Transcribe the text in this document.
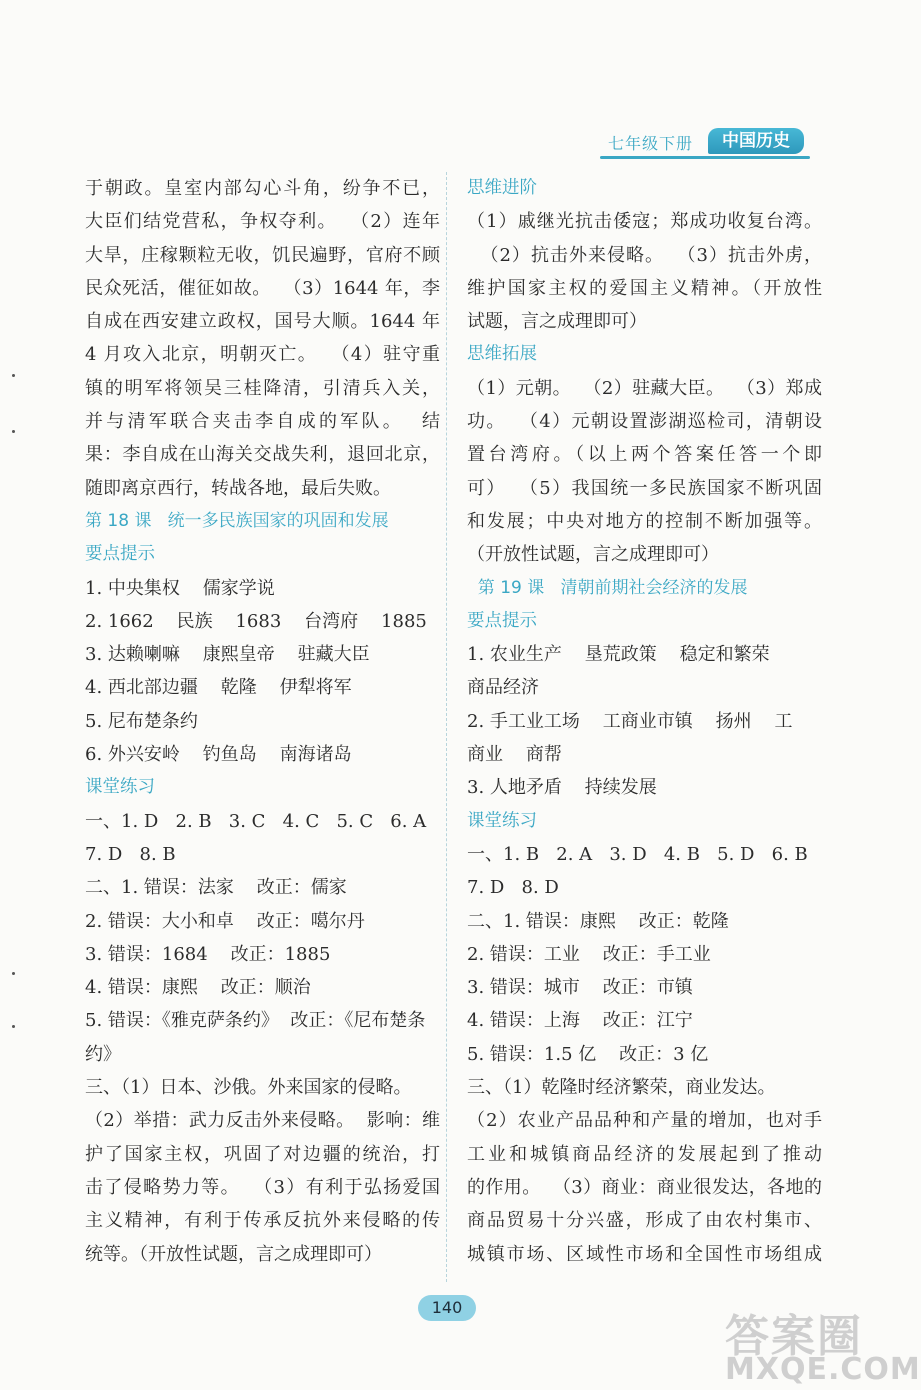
七年级下册	中国历史
于朝政。皇室内部勾心斗角，纷争不已，
大臣们结党营私，争权夺利。  （2）连年
大旱，庄稼颗粒无收，饥民遍野，官府不顾
民众死活，催征如故。  （3）1644 年，李
自成在西安建立政权，国号大顺。1644 年
4 月攻入北京，明朝灭亡。  （4）驻守重
镇的明军将领吴三桂降清，引清兵入关，
并与清军联合夹击李自成的军队。  结
果：李自成在山海关交战失利，退回北京，
随即离京西行，转战各地，最后失败。
第 18 课   统一多民族国家的巩固和发展
要点提示
1. 中央集权    儒家学说
2. 1662    民族    1683    台湾府    1885
3. 达赖喇嘛    康熙皇帝    驻藏大臣
4. 西北部边疆    乾隆    伊犁将军
5. 尼布楚条约
6. 外兴安岭    钓鱼岛    南海诸岛
课堂练习
一、1. D   2. B   3. C   4. C   5. C   6. A
7. D   8. B
二、1. 错误：法家    改正：儒家
2. 错误：大小和卓    改正：噶尔丹
3. 错误：1684    改正：1885
4. 错误：康熙    改正：顺治
5. 错误：《雅克萨条约》  改正：《尼布楚条
约》
三、（1）日本、沙俄。外来国家的侵略。
（2）举措：武力反击外来侵略。  影响：维
护了国家主权，巩固了对边疆的统治，打
击了侵略势力等。  （3）有利于弘扬爱国
主义精神，有利于传承反抗外来侵略的传
统等。（开放性试题，言之成理即可）
思维进阶
（1）戚继光抗击倭寇；郑成功收复台湾。
（2）抗击外来侵略。  （3）抗击外虏，
维护国家主权的爱国主义精神。（开放性
试题，言之成理即可）
思维拓展
（1）元朝。  （2）驻藏大臣。  （3）郑成
功。  （4）元朝设置澎湖巡检司，清朝设
置台湾府。（以上两个答案任答一个即
可）  （5）我国统一多民族国家不断巩固
和发展；中央对地方的控制不断加强等。
（开放性试题，言之成理即可）
第 19 课   清朝前期社会经济的发展
要点提示
1. 农业生产    垦荒政策    稳定和繁荣
商品经济
2. 手工业工场    工商业市镇    扬州    工
商业    商帮
3. 人地矛盾    持续发展
课堂练习
一、1. B   2. A   3. D   4. B   5. D   6. B
7. D   8. D
二、1. 错误：康熙    改正：乾隆
2. 错误：工业    改正：手工业
3. 错误：城市    改正：市镇
4. 错误：上海    改正：江宁
5. 错误：1.5 亿    改正：3 亿
三、（1）乾隆时经济繁荣，商业发达。
（2）农业产品品种和产量的增加，也对手
工业和城镇商品经济的发展起到了推动
的作用。  （3）商业：商业很发达，各地的
商品贸易十分兴盛，形成了由农村集市、
城镇市场、区域性市场和全国性市场组成
140
答案圈
MXQE.COM
